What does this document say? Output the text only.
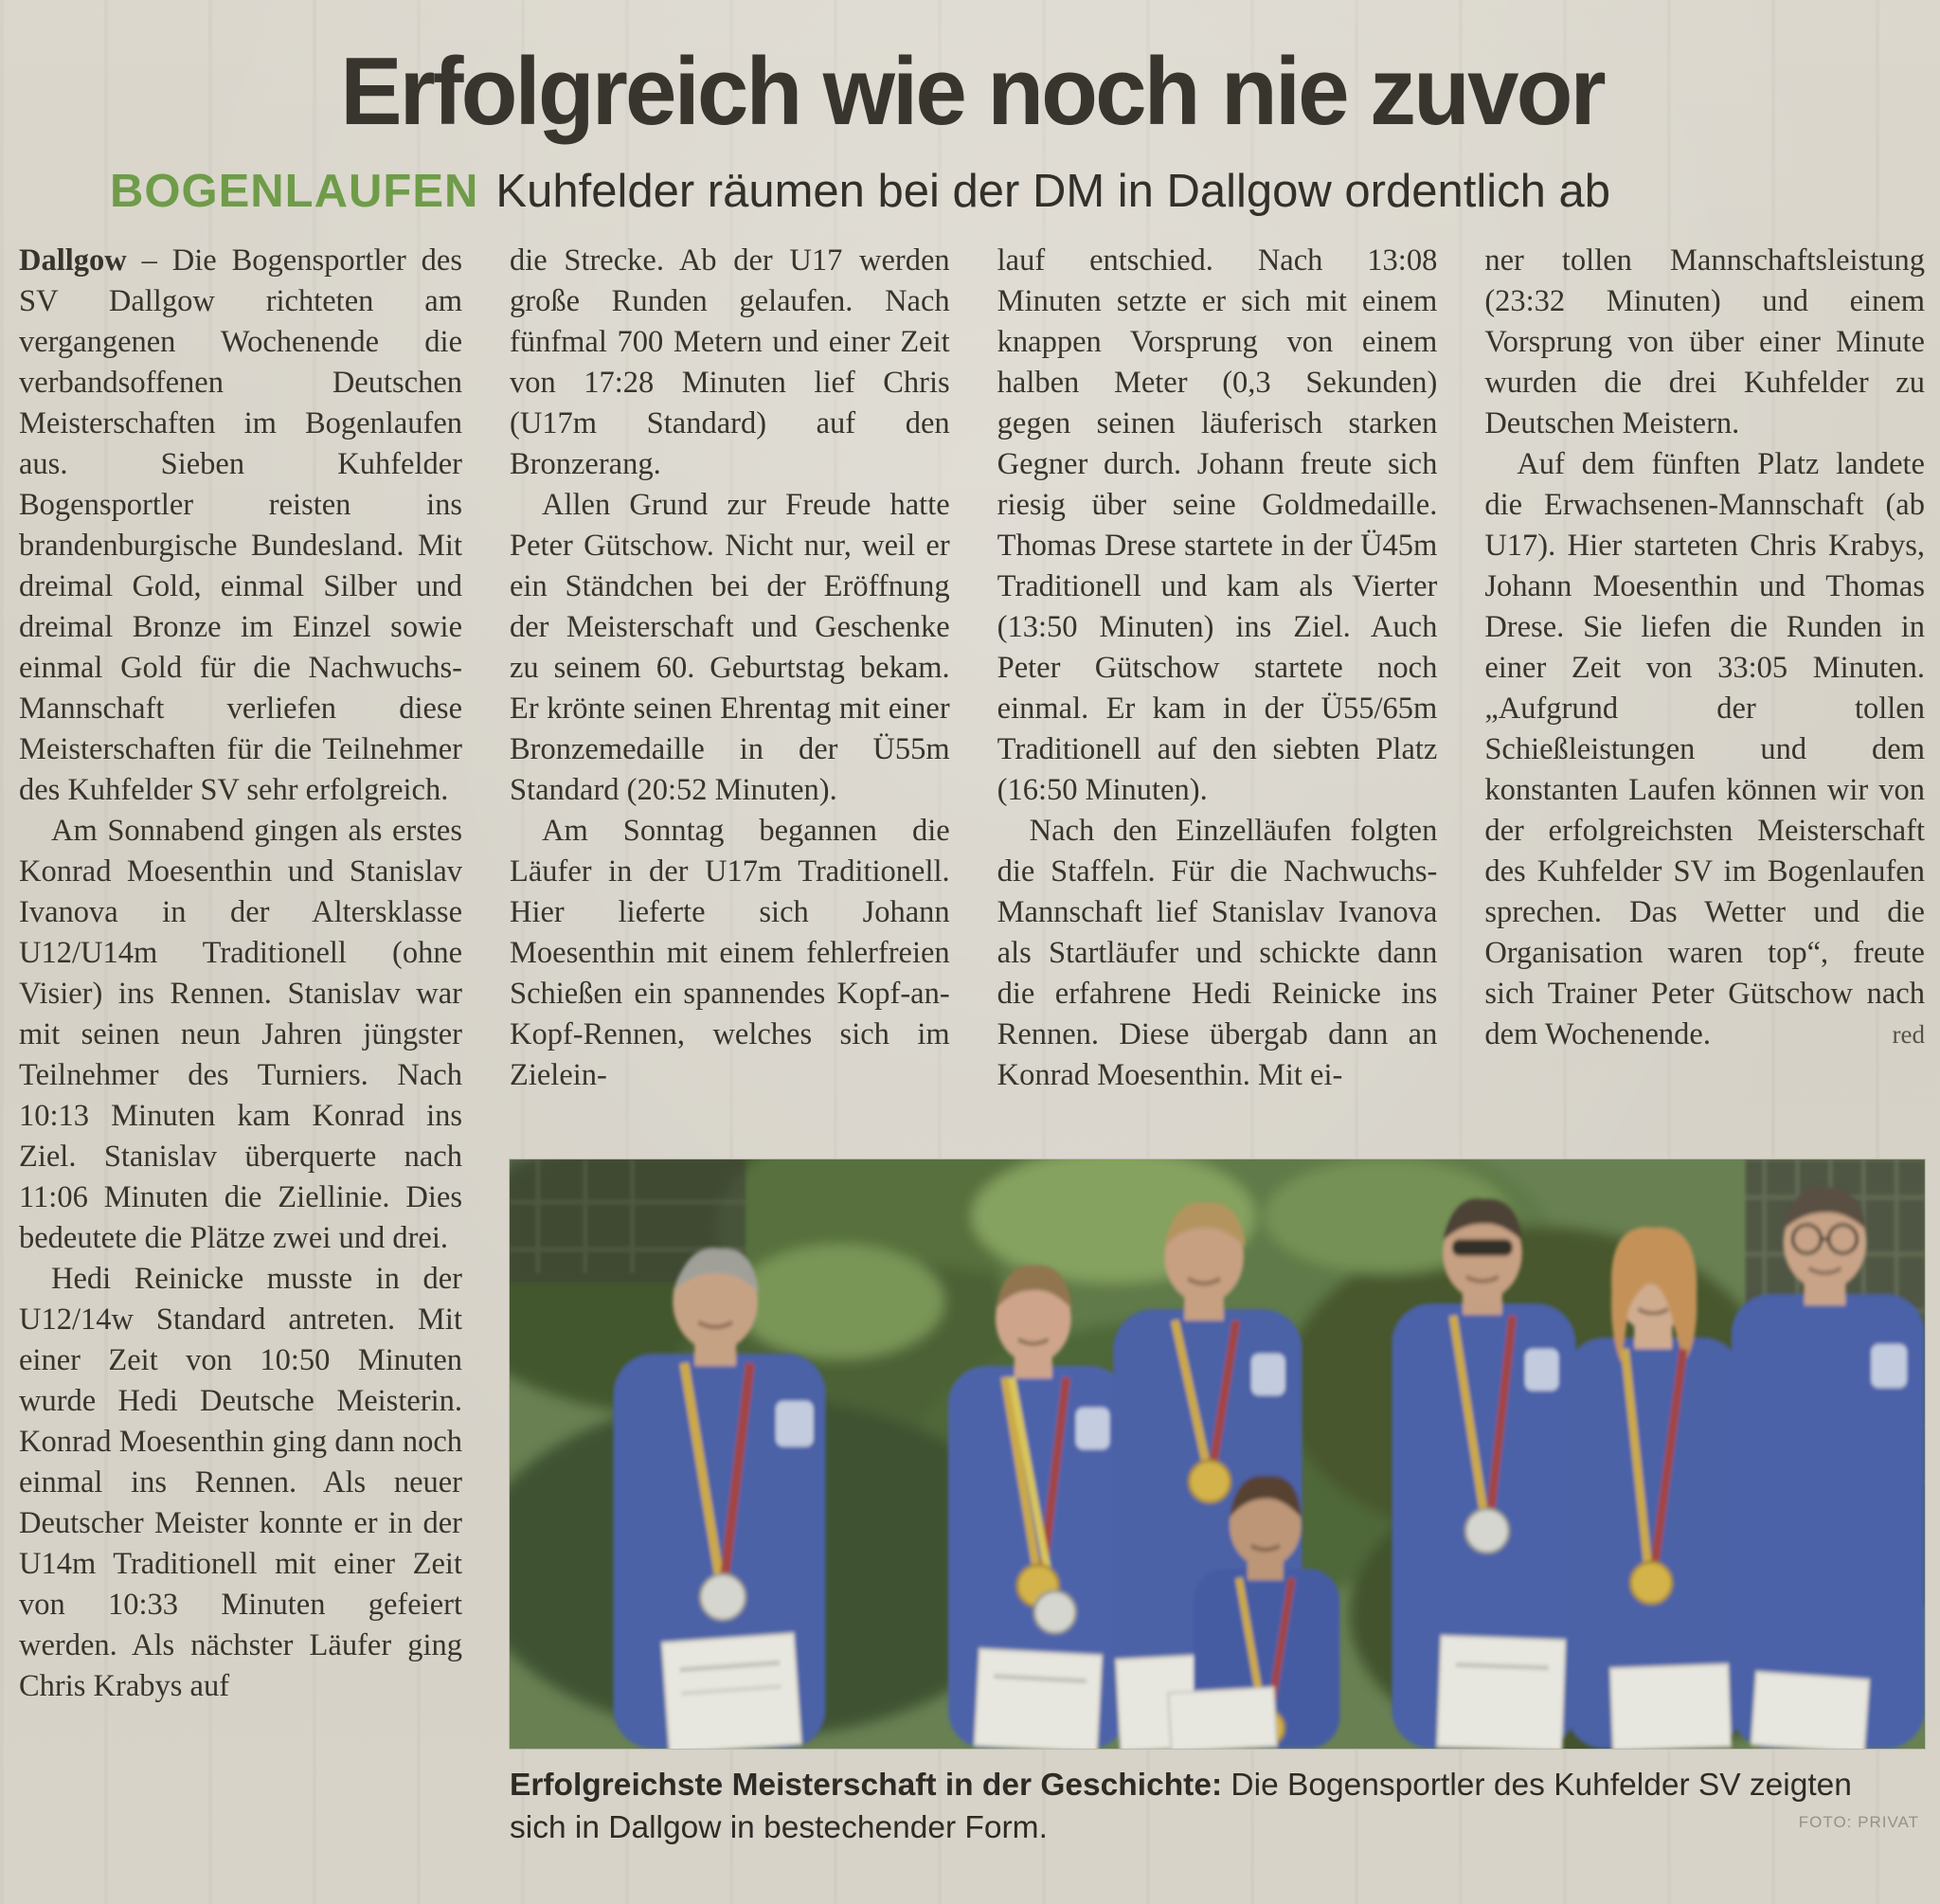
Erfolgreich wie noch nie zuvor
BOGENLAUFEN Kuhfelder räumen bei der DM in Dallgow ordentlich ab

Dallgow – Die Bogensportler des SV Dallgow richteten am vergangenen Wochenende die verbandsoffenen Deutschen Meisterschaften im Bogenlaufen aus. Sieben Kuhfelder Bogensportler reisten ins brandenburgische Bundesland. Mit dreimal Gold, einmal Silber und dreimal Bronze im Einzel sowie einmal Gold für die Nachwuchs-Mannschaft verliefen diese Meisterschaften für die Teilnehmer des Kuhfelder SV sehr erfolgreich.

Am Sonnabend gingen als erstes Konrad Moesenthin und Stanislav Ivanova in der Altersklasse U12/U14m Traditionell (ohne Visier) ins Rennen. Stanislav war mit seinen neun Jahren jüngster Teilnehmer des Turniers. Nach 10:13 Minuten kam Konrad ins Ziel. Stanislav überquerte nach 11:06 Minuten die Ziellinie. Dies bedeutete die Plätze zwei und drei.

Hedi Reinicke musste in der U12/14w Standard antreten. Mit einer Zeit von 10:50 Minuten wurde Hedi Deutsche Meisterin. Konrad Moesenthin ging dann noch einmal ins Rennen. Als neuer Deutscher Meister konnte er in der U14m Traditionell mit einer Zeit von 10:33 Minuten gefeiert werden. Als nächster Läufer ging Chris Krabys auf

die Strecke. Ab der U17 werden große Runden gelaufen. Nach fünfmal 700 Metern und einer Zeit von 17:28 Minuten lief Chris (U17m Standard) auf den Bronzerang.

Allen Grund zur Freude hatte Peter Gütschow. Nicht nur, weil er ein Ständchen bei der Eröffnung der Meisterschaft und Geschenke zu seinem 60. Geburtstag bekam. Er krönte seinen Ehrentag mit einer Bronzemedaille in der Ü55m Standard (20:52 Minuten).

Am Sonntag begannen die Läufer in der U17m Traditionell. Hier lieferte sich Johann Moesenthin mit einem fehlerfreien Schießen ein spannendes Kopf-an-Kopf-Rennen, welches sich im Zielein-

lauf entschied. Nach 13:08 Minuten setzte er sich mit einem knappen Vorsprung von einem halben Meter (0,3 Sekunden) gegen seinen läuferisch starken Gegner durch. Johann freute sich riesig über seine Goldmedaille. Thomas Drese startete in der Ü45m Traditionell und kam als Vierter (13:50 Minuten) ins Ziel. Auch Peter Gütschow startete noch einmal. Er kam in der Ü55/65m Traditionell auf den siebten Platz (16:50 Minuten).

Nach den Einzelläufen folgten die Staffeln. Für die Nachwuchs-Mannschaft lief Stanislav Ivanova als Startläufer und schickte dann die erfahrene Hedi Reinicke ins Rennen. Diese übergab dann an Konrad Moesenthin. Mit ei-

ner tollen Mannschaftsleistung (23:32 Minuten) und einem Vorsprung von über einer Minute wurden die drei Kuhfelder zu Deutschen Meistern.

Auf dem fünften Platz landete die Erwachsenen-Mannschaft (ab U17). Hier starteten Chris Krabys, Johann Moesenthin und Thomas Drese. Sie liefen die Runden in einer Zeit von 33:05 Minuten. „Aufgrund der tollen Schießleistungen und dem konstanten Laufen können wir von der erfolgreichsten Meisterschaft des Kuhfelder SV im Bogenlaufen sprechen. Das Wetter und die Organisation waren top“, freute sich Trainer Peter Gütschow nach dem Wochenende.	red

Erfolgreichste Meisterschaft in der Geschichte: Die Bogensportler des Kuhfelder SV zeigten sich in Dallgow in bestechender Form.	FOTO: PRIVAT
